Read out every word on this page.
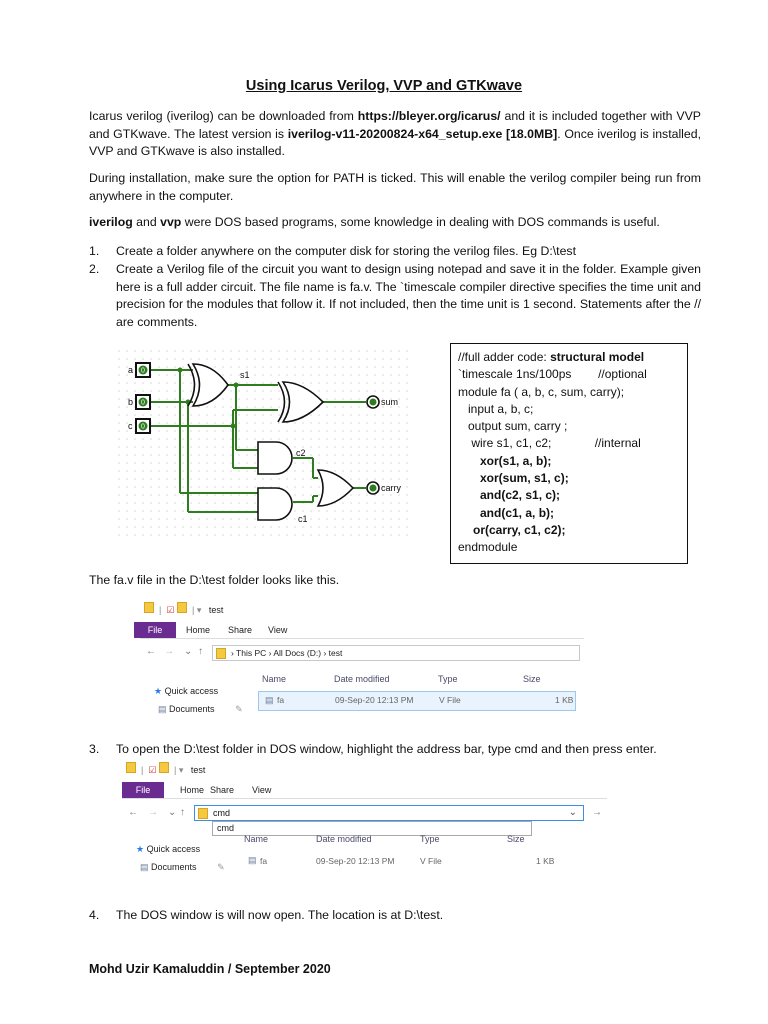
Using Icarus Verilog, VVP and GTKwave
Icarus verilog (iverilog) can be downloaded from https://bleyer.org/icarus/ and it is included together with VVP and GTKwave. The latest version is iverilog-v11-20200824-x64_setup.exe [18.0MB]. Once iverilog is installed, VVP and GTKwave is also installed.
During installation, make sure the option for PATH is ticked. This will enable the verilog compiler being run from anywhere in the computer.
iverilog and vvp were DOS based programs, some knowledge in dealing with DOS commands is useful.
1. Create a folder anywhere on the computer disk for storing the verilog files. Eg D:\test
2. Create a Verilog file of the circuit you want to design using notepad and save it in the folder. Example given here is a full adder circuit. The file name is fa.v. The `timescale compiler directive specifies the time unit and precision for the modules that follow it. If not included, then the time unit is 1 second. Statements after the // are comments.
0
0
0
a
b
c
s1
c2
c1
sum
carry
//full adder code: structural model
`timescale 1ns/100ps        //optional
module fa ( a, b, c, sum, carry);
input a, b, c;
output sum, carry ;
wire s1, c1, c2;             //internal
xor(s1, a, b);
xor(sum, s1, c);
and(c2, s1, c);
and(c1, a, b);
or(carry, c1, c2);
endmodule
The fa.v file in the D:\test folder looks like this.
|  ☑   | ▾   test
File	Home Share View
← → ⌄ ↑	› This PC › All Docs (D:) › test
Name	Date modified	Type	Size
★ Quick access
▤ Documents ✎
▤ fa	09-Sep-20 12:13 PM	V File	1 KB
3. To open the D:\test folder in DOS window, highlight the address bar, type cmd and then press enter.
|  ☑   | ▾   test
File	Home Share View
← → ⌄ ↑	cmd	⌄ →
cmd
Name	Date modified	Type	Size
★ Quick access
▤ Documents ✎
▤ fa	09-Sep-20 12:13 PM	V File	1 KB
4. The DOS window is will now open. The location is at D:\test.
Mohd Uzir Kamaluddin / September 2020
